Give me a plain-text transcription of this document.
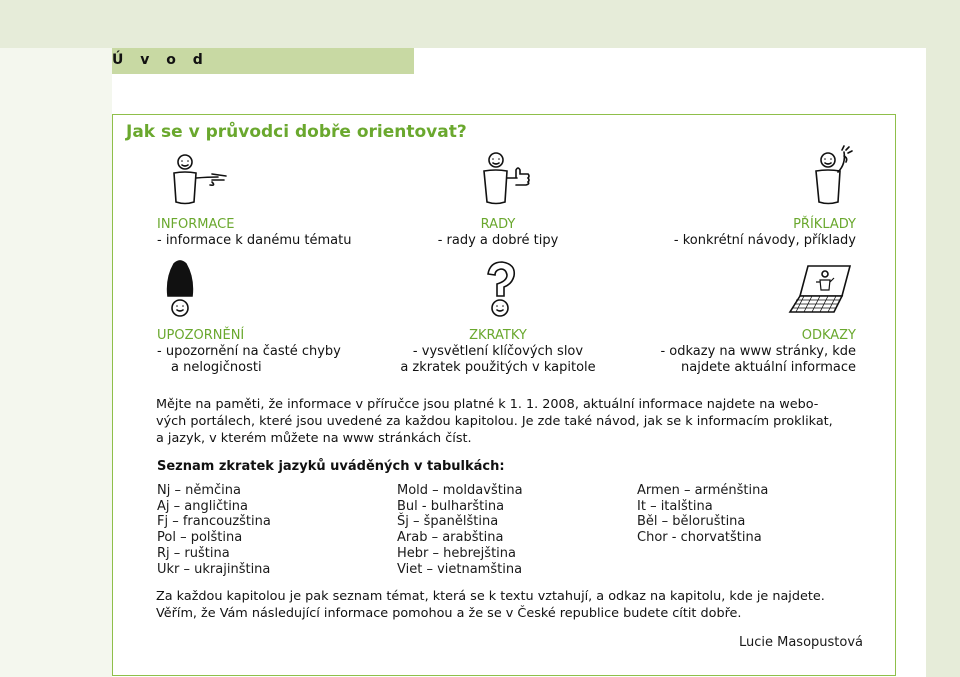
Ú v o d
Jak se v průvodci dobře orientovat?
INFORMACE
- informace k danému tématu
RADY
- rady a dobré tipy
PŘÍKLADY
- konkrétní návody, příklady
UPOZORNĚNÍ
- upozornění na časté chyby
a nelogičnosti
ZKRATKY
- vysvětlení klíčových slov
a zkratek použitých v kapitole
ODKAZY
- odkazy na www stránky, kde
najdete aktuální informace
Mějte na paměti, že informace v příručce jsou platné k 1. 1. 2008, aktuální informace najdete na webo-
vých portálech, které jsou uvedené za každou kapitolou. Je zde také návod, jak se k informacím proklikat,
a jazyk, v kterém můžete na www stránkách číst.
Seznam zkratek jazyků uváděných v tabulkách:
Nj – němčina
Aj – angličtina
Fj – francouzština
Pol – polština
Rj – ruština
Ukr – ukrajinština
Mold – moldavština
Bul - bulharština
Šj – španělština
Arab – arabština
Hebr – hebrejština
Viet – vietnamština
Armen – arménština
It – italština
Běl – běloruština
Chor - chorvatština
Za každou kapitolou je pak seznam témat, která se k textu vztahují, a odkaz na kapitolu, kde je najdete.
Věřím, že Vám následující informace pomohou a že se v České republice budete cítit dobře.
Lucie Masopustová
